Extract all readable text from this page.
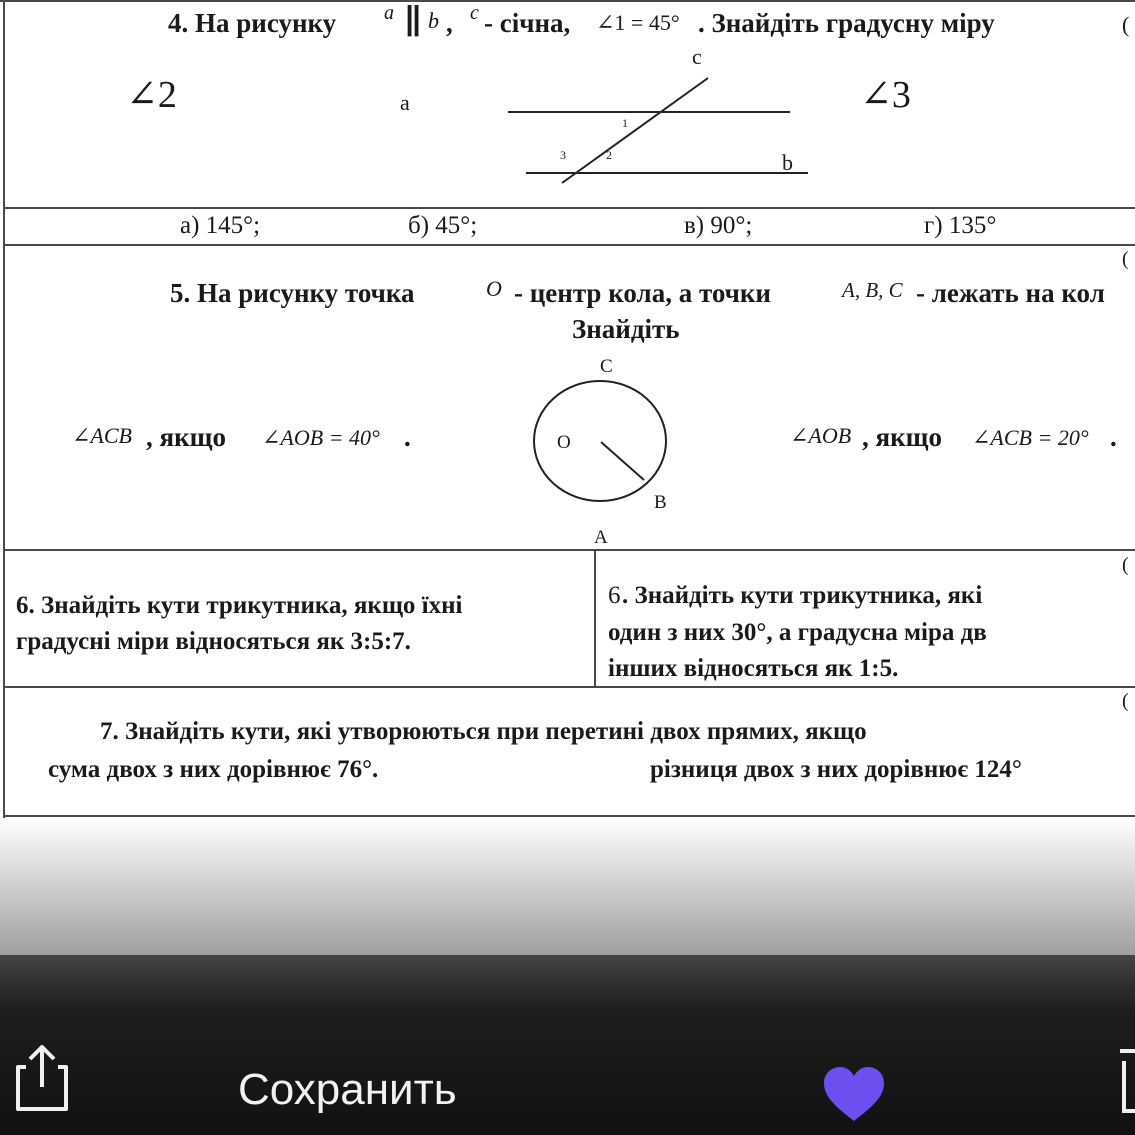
4. На рисунку a ∥ b , c - січна, ∠1 = 45° . Знайдіть градусну міру	(
∠2	∠3
c
a
b
1
2
3
а) 145°;	б) 45°;	в) 90°;	г) 135°
(
5. На рисунку точка	O - центр кола, а точки	A, B, C - лежать на кол
Знайдіть
∠ACB , якщо ∠AOB = 40° .	∠AOB , якщо ∠ACB = 20° .
C
O
B
A
(
6. Знайдіть кути трикутника, якщо їхні
градусні міри відносяться як 3:5:7.
6 . Знайдіть кути трикутника, які
один з них 30°, а градусна міра дв
інших відносяться як 1:5.
(
7. Знайдіть кути, які утворюються при перетині двох прямих, якщо
сума двох з них дорівнює 76°.	різниця двох з них дорівнює 124°
Сохранить
